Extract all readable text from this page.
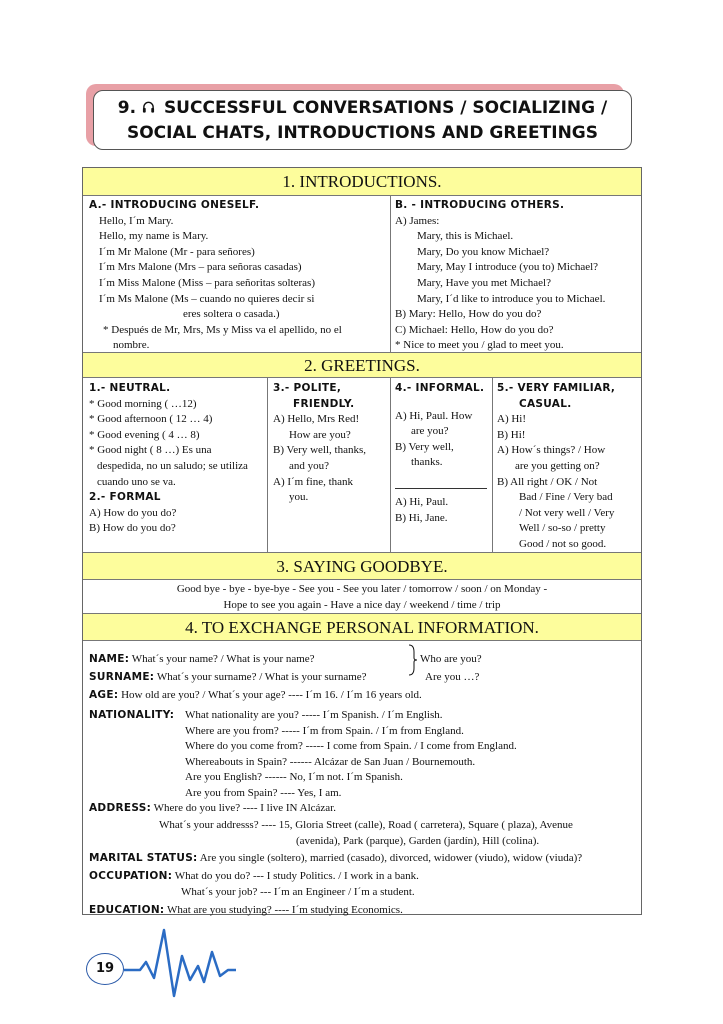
9. SUCCESSFUL CONVERSATIONS / SOCIALIZING /
SOCIAL CHATS, INTRODUCTIONS AND GREETINGS
1. INTRODUCTIONS.
A.- INTRODUCING ONESELF.
Hello, I´m Mary.
Hello, my name is Mary.
I´m Mr Malone (Mr - para señores)
I´m Mrs Malone (Mrs – para señoras casadas)
I´m Miss Malone (Miss – para señoritas solteras)
I´m Ms Malone (Ms – cuando no quieres decir si
eres soltera o casada.)
* Después de Mr, Mrs, Ms y Miss va el apellido, no el
nombre.
B. - INTRODUCING OTHERS.
A) James:
Mary, this is Michael.
Mary, Do you know Michael?
Mary, May I introduce (you to) Michael?
Mary, Have you met Michael?
Mary, I´d like to introduce you to Michael.
B) Mary: Hello, How do you do?
C) Michael: Hello, How do you do?
* Nice to meet you / glad to meet you.
2. GREETINGS.
1.- NEUTRAL.
* Good morning ( …12)
* Good afternoon ( 12 … 4)
* Good evening ( 4 … 8)
* Good night ( 8 …) Es una
despedida, no un saludo; se utiliza
cuando uno se va.
2.- FORMAL
A) How do you do?
B) How do you do?
3.- POLITE,
FRIENDLY.
A) Hello, Mrs Red!
How are you?
B) Very well, thanks,
and you?
A) I´m fine, thank
you.
4.- INFORMAL.
A) Hi, Paul. How
are you?
B) Very well,
thanks.
A) Hi, Paul.
B) Hi, Jane.
5.- VERY FAMILIAR,
CASUAL.
A) Hi!
B) Hi!
A) How´s things? / How
are you getting on?
B) All right / OK / Not
Bad / Fine / Very bad
/ Not very well / Very
Well / so-so / pretty
Good / not so good.
3. SAYING GOODBYE.
Good bye - bye - bye-bye - See you - See you later / tomorrow / soon / on Monday -
Hope to see you again - Have a nice day / weekend / time / trip
4. TO EXCHANGE PERSONAL INFORMATION.
NAME: What´s your name? / What is your name?	Who are you?
SURNAME: What´s your surname? / What is your surname?	Are you …?
AGE: How old are you? / What´s your age? ---- I´m 16. / I´m 16 years old.
NATIONALITY: What nationality are you? ----- I´m Spanish. / I´m English.
Where are you from? ----- I´m from Spain. / I´m from England.
Where do you come from? ----- I come from Spain. / I come from England.
Whereabouts in Spain? ------ Alcázar de San Juan / Bournemouth.
Are you English? ------ No, I´m not. I´m Spanish.
Are you from Spain? ---- Yes, I am.
ADDRESS: Where do you live? ---- I live IN Alcázar.
What´s your addresss? ---- 15, Gloria Street (calle), Road ( carretera), Square ( plaza), Avenue
(avenida), Park (parque), Garden (jardín), Hill (colina).
MARITAL STATUS: Are you single (soltero), married (casado), divorced, widower (viudo), widow (viuda)?
OCCUPATION: What do you do? --- I study Politics. / I work in a bank.
What´s your job? --- I´m an Engineer / I´m a student.
EDUCATION: What are you studying? ---- I´m studying Economics.
19
